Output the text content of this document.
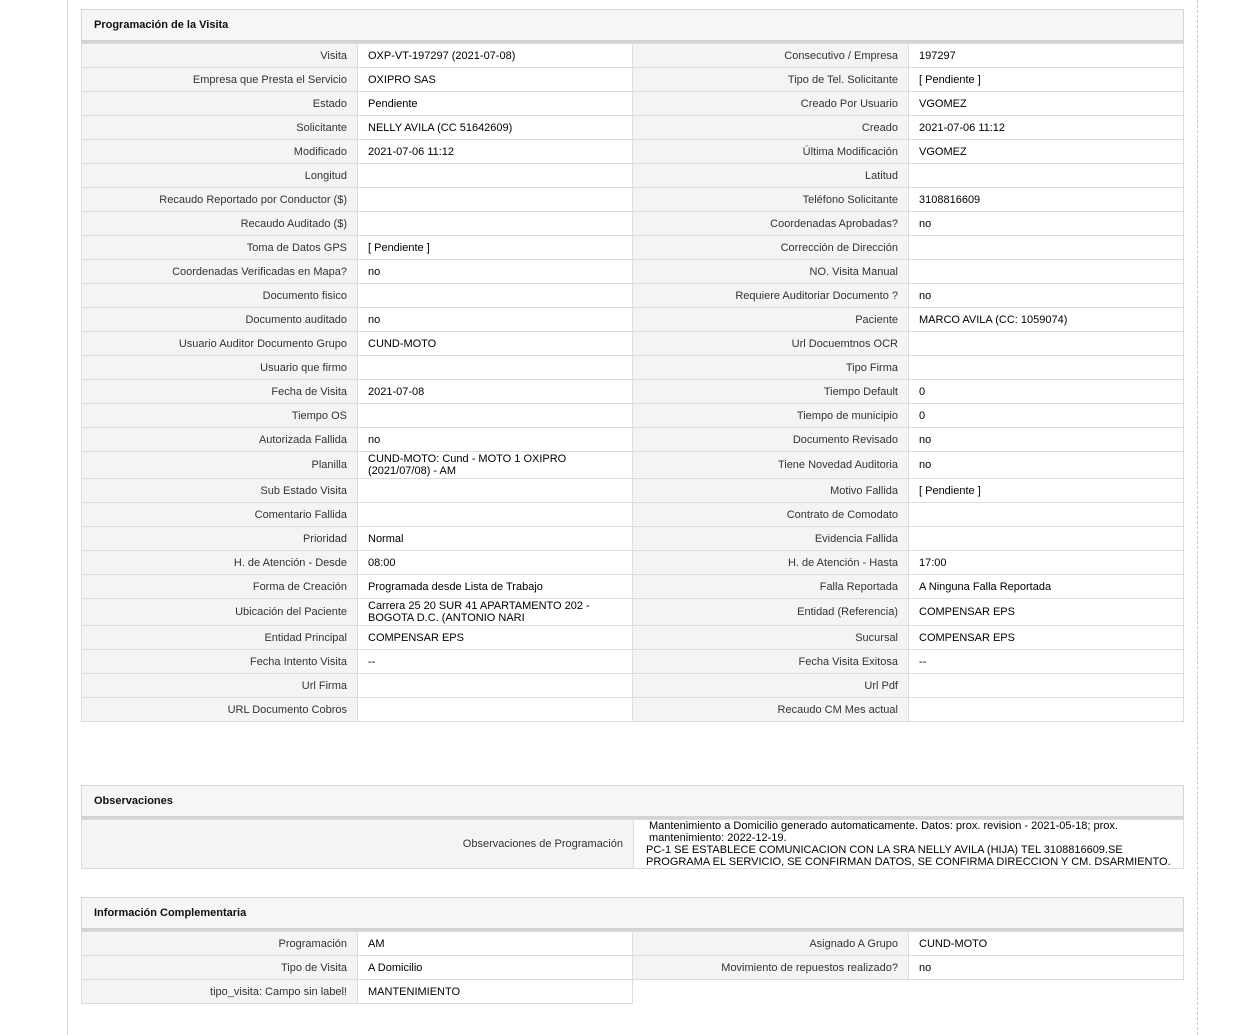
Programación de la Visita
Visita	OXP-VT-197297 (2021-07-08)	Consecutivo / Empresa	197297
Empresa que Presta el Servicio	OXIPRO SAS	Tipo de Tel. Solicitante	[ Pendiente ]
Estado	Pendiente	Creado Por Usuario	VGOMEZ
Solicitante	NELLY AVILA (CC 51642609)	Creado	2021-07-06 11:12
Modificado	2021-07-06 11:12	Última Modificación	VGOMEZ
Longitud		Latitud	
Recaudo Reportado por Conductor ($)		Teléfono Solicitante	3108816609
Recaudo Auditado ($)		Coordenadas Aprobadas?	no
Toma de Datos GPS	[ Pendiente ]	Corrección de Dirección	
Coordenadas Verificadas en Mapa?	no	NO. Visita Manual	
Documento fisico		Requiere Auditoriar Documento ?	no
Documento auditado	no	Paciente	MARCO AVILA (CC: 1059074)
Usuario Auditor Documento Grupo	CUND-MOTO	Url Docuemtnos OCR	
Usuario que firmo		Tipo Firma	
Fecha de Visita	2021-07-08	Tiempo Default	0
Tiempo OS		Tiempo de municipio	0
Autorizada Fallida	no	Documento Revisado	no
Planilla	CUND-MOTO: Cund - MOTO 1 OXIPRO (2021/07/08) - AM	Tiene Novedad Auditoria	no
Sub Estado Visita		Motivo Fallida	[ Pendiente ]
Comentario Fallida		Contrato de Comodato	
Prioridad	Normal	Evidencia Fallida	
H. de Atención - Desde	08:00	H. de Atención - Hasta	17:00
Forma de Creación	Programada desde Lista de Trabajo	Falla Reportada	A Ninguna Falla Reportada
Ubicación del Paciente	Carrera 25 20 SUR 41 APARTAMENTO 202 - BOGOTA D.C. (ANTONIO NARI	Entidad (Referencia)	COMPENSAR EPS
Entidad Principal	COMPENSAR EPS	Sucursal	COMPENSAR EPS
Fecha Intento Visita	--	Fecha Visita Exitosa	--
Url Firma		Url Pdf	
URL Documento Cobros		Recaudo CM Mes actual	
Observaciones
Observaciones de Programación	
Mantenimiento a Domicilio generado automaticamente. Datos: prox. revision - 2021-05-18; prox. mantenimiento: 2022-12-19.
PC-1 SE ESTABLECE COMUNICACION CON LA SRA NELLY AVILA (HIJA) TEL 3108816609.SE PROGRAMA EL SERVICIO, SE CONFIRMAN DATOS, SE CONFIRMA DIRECCION Y CM. DSARMIENTO.
Información Complementaria
Programación	AM	Asignado A Grupo	CUND-MOTO
Tipo de Visita	A Domicilio	Movimiento de repuestos realizado?	no
tipo_visita: Campo sin label!	MANTENIMIENTO		
